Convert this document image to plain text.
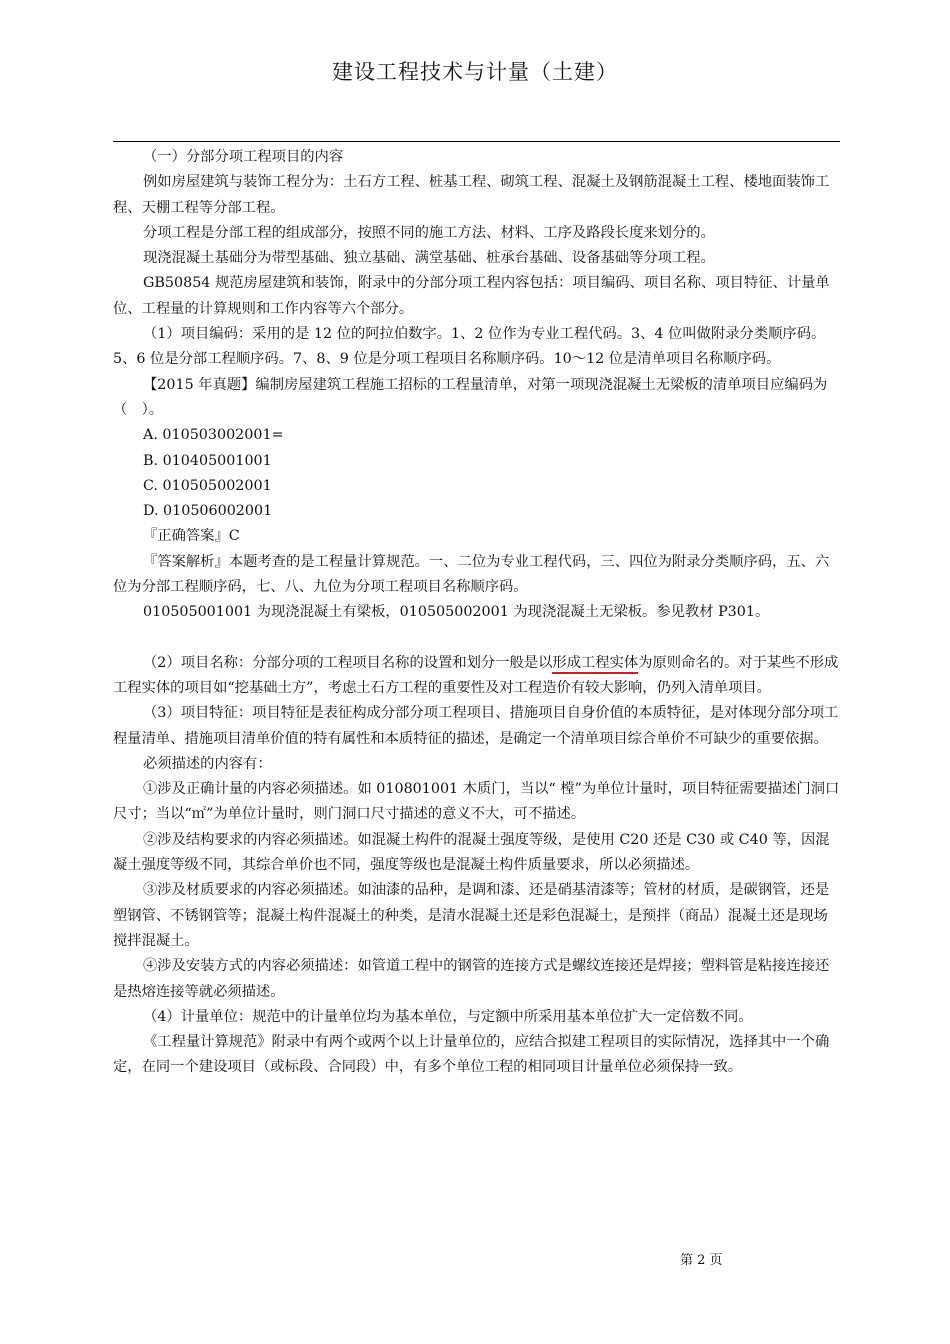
建设工程技术与计量（土建）

（一）分部分项工程项目的内容

例如房屋建筑与装饰工程分为：土石方工程、桩基工程、砌筑工程、混凝土及钢筋混凝土工程、楼地面装饰工程、天棚工程等分部工程。

分项工程是分部工程的组成部分，按照不同的施工方法、材料、工序及路段长度来划分的。

现浇混凝土基础分为带型基础、独立基础、满堂基础、桩承台基础、设备基础等分项工程。

GB50854 规范房屋建筑和装饰，附录中的分部分项工程内容包括：项目编码、项目名称、项目特征、计量单位、工程量的计算规则和工作内容等六个部分。

（1）项目编码：采用的是 12 位的阿拉伯数字。1、2 位作为专业工程代码。3、4 位叫做附录分类顺序码。5、6 位是分部工程顺序码。7、8、9 位是分项工程项目名称顺序码。10～12 位是清单项目名称顺序码。

【2015 年真题】编制房屋建筑工程施工招标的工程量清单，对第一项现浇混凝土无梁板的清单项目应编码为（　）。

A. 010503002001=

B. 010405001001

C. 010505002001

D. 010506002001

『正确答案』C

『答案解析』本题考查的是工程量计算规范。一、二位为专业工程代码，三、四位为附录分类顺序码，五、六位为分部工程顺序码，七、八、九位为分项工程项目名称顺序码。

010505001001 为现浇混凝土有梁板，010505002001 为现浇混凝土无梁板。参见教材 P301。

（2）项目名称：分部分项的工程项目名称的设置和划分一般是以形成工程实体为原则命名的。对于某些不形成工程实体的项目如“挖基础土方”，考虑土石方工程的重要性及对工程造价有较大影响，仍列入清单项目。

（3）项目特征：项目特征是表征构成分部分项工程项目、措施项目自身价值的本质特征，是对体现分部分项工程量清单、措施项目清单价值的特有属性和本质特征的描述，是确定一个清单项目综合单价不可缺少的重要依据。

必须描述的内容有：

①涉及正确计量的内容必须描述。如 010801001 木质门，当以“ 樘”为单位计量时，项目特征需要描述门洞口尺寸；当以“㎡”为单位计量时，则门洞口尺寸描述的意义不大，可不描述。

②涉及结构要求的内容必须描述。如混凝土构件的混凝土强度等级，是使用 C20 还是 C30 或 C40 等，因混凝土强度等级不同，其综合单价也不同，强度等级也是混凝土构件质量要求，所以必须描述。

③涉及材质要求的内容必须描述。如油漆的品种，是调和漆、还是硝基清漆等；管材的材质，是碳钢管，还是塑钢管、不锈钢管等；混凝土构件混凝土的种类，是清水混凝土还是彩色混凝土，是预拌（商品）混凝土还是现场搅拌混凝土。

④涉及安装方式的内容必须描述：如管道工程中的钢管的连接方式是螺纹连接还是焊接；塑料管是粘接连接还是热熔连接等就必须描述。

（4）计量单位：规范中的计量单位均为基本单位，与定额中所采用基本单位扩大一定倍数不同。

《工程量计算规范》附录中有两个或两个以上计量单位的，应结合拟建工程项目的实际情况，选择其中一个确定，在同一个建设项目（或标段、合同段）中，有多个单位工程的相同项目计量单位必须保持一致。

第 2 页
